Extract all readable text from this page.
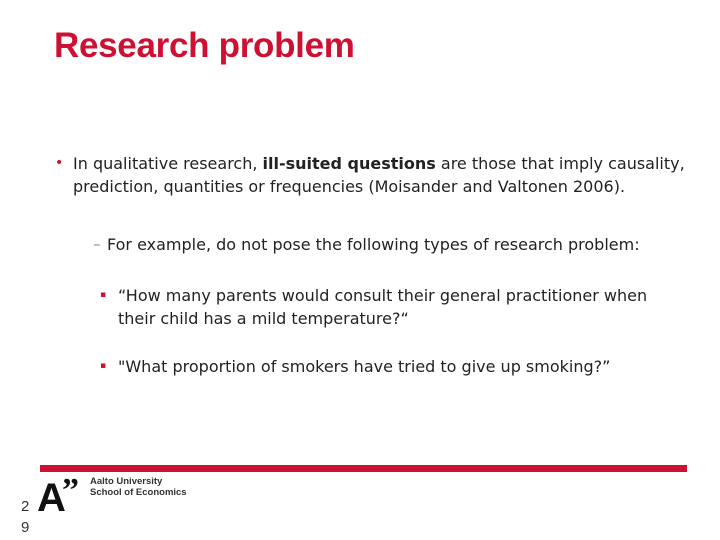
Research problem
• In qualitative research, ill-suited questions are those that imply causality, prediction, quantities or frequencies (Moisander and Valtonen 2006).
– For example, do not pose the following types of research problem:
▪ “How many parents would consult their general practitioner when their child has a mild temperature?“
▪ "What proportion of smokers have tried to give up smoking?”
A
” Aalto University
School of Economics
2
9
